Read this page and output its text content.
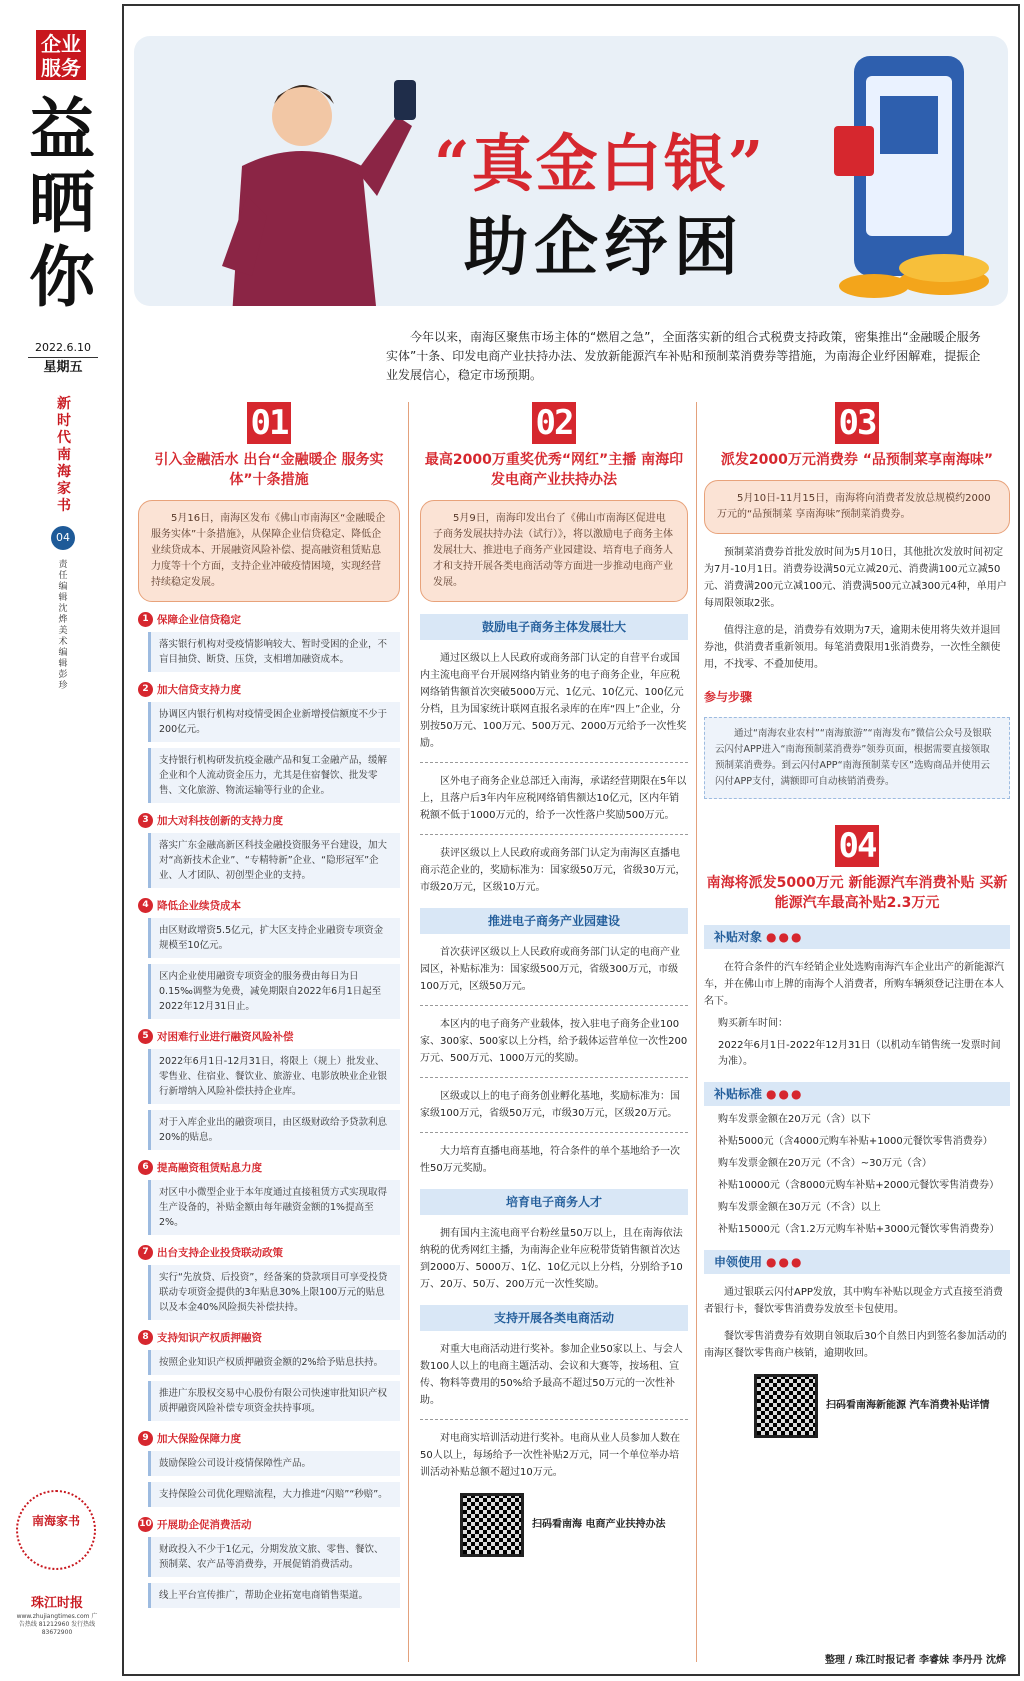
企业服务
益
晒
你
2022.6.10
星期五
新时代南海家书
04
责任编辑 沈烨 美术编辑 彭珍
南海家书
珠江时报
www.zhujiangtimes.com 广告热线 81212960 发行热线 83672900
“真金白银”
助企纾困
今年以来，南海区聚焦市场主体的“燃眉之急”，全面落实新的组合式税费支持政策，密集推出“金融暖企服务实体”十条、印发电商产业扶持办法、发放新能源汽车补贴和预制菜消费券等措施，为南海企业纾困解难，提振企业发展信心，稳定市场预期。
01
引入金融活水 出台“金融暖企 服务实体”十条措施
5月16日，南海区发布《佛山市南海区“金融暖企 服务实体”十条措施》，从保障企业信贷稳定、降低企业续贷成本、开展融资风险补偿、提高融资租赁贴息力度等十个方面，支持企业冲破疫情困境，实现经营持续稳定发展。
1 保障企业信贷稳定
落实银行机构对受疫情影响较大、暂时受困的企业，不盲目抽贷、断贷、压贷，支相增加融资成本。
2 加大信贷支持力度
协调区内银行机构对疫情受困企业新增授信额度不少于200亿元。
支持银行机构研发抗疫金融产品和复工金融产品，缓解企业和个人流动资金压力，尤其是住宿餐饮、批发零售、文化旅游、物流运输等行业的企业。
3 加大对科技创新的支持力度
落实广东金融高新区科技金融投资服务平台建设，加大对“高新技术企业”、“专精特新”企业、“隐形冠军”企业、人才团队、初创型企业的支持。
4 降低企业续贷成本
由区财政增资5.5亿元，扩大区支持企业融资专项资金规模至10亿元。
区内企业使用融资专项资金的服务费由每日为日0.15‰调整为免费，减免期限自2022年6月1日起至2022年12月31日止。
5 对困难行业进行融资风险补偿
2022年6月1日-12月31日，将限上（规上）批发业、零售业、住宿业、餐饮业、旅游业、电影放映业企业银行新增纳入风险补偿扶持企业库。
对于入库企业出的融资项目，由区级财政给予贷款利息20%的贴息。
6 提高融资租赁贴息力度
对区中小微型企业于本年度通过直接租赁方式实现取得生产设备的，补贴金额由每年融资金额的1%提高至2%。
7 出台支持企业投贷联动政策
实行“先放贷、后投资”，经备案的贷款项目可享受投贷联动专项资金提供的3年贴息30%上限100万元的贴息以及本金40%风险损失补偿扶持。
8 支持知识产权质押融资
按照企业知识产权质押融资金额的2%给予贴息扶持。
推进广东股权交易中心股份有限公司快速审批知识产权质押融资风险补偿专项资金扶持事项。
9 加大保险保障力度
鼓励保险公司设计疫情保障性产品。
支持保险公司优化理赔流程，大力推进“闪赔”“秒赔”。
10 开展助企促消费活动
财政投入不少于1亿元，分期发放文旅、零售、餐饮、预制菜、农产品等消费券，开展促销消费活动。
线上平台宣传推广，帮助企业拓宽电商销售渠道。
02
最高2000万重奖优秀“网红”主播 南海印发电商产业扶持办法
5月9日，南海印发出台了《佛山市南海区促进电子商务发展扶持办法（试行）》，将以激励电子商务主体发展壮大、推进电子商务产业园建设、培育电子商务人才和支持开展各类电商活动等方面进一步推动电商产业发展。
鼓励电子商务主体发展壮大
通过区级以上人民政府或商务部门认定的自营平台或国内主流电商平台开展网络内销业务的电子商务企业，年应税网络销售额首次突破5000万元、1亿元、10亿元、100亿元分档，且为国家统计联网直报名录库的在库“四上”企业，分别按50万元、100万元、500万元、2000万元给予一次性奖励。
区外电子商务企业总部迁入南海，承诺经营期限在5年以上，且落户后3年内年应税网络销售额达10亿元，区内年销税额不低于1000万元的，给予一次性落户奖励500万元。
获评区级以上人民政府或商务部门认定为南海区直播电商示范企业的，奖励标准为：国家级50万元，省级30万元，市级20万元，区级10万元。
推进电子商务产业园建设
首次获评区级以上人民政府或商务部门认定的电商产业园区，补贴标准为：国家级500万元，省级300万元，市级100万元，区级50万元。
本区内的电子商务产业载体，按入驻电子商务企业100家、300家、500家以上分档，给予载体运营单位一次性200万元、500万元、1000万元的奖励。
区级或以上的电子商务创业孵化基地，奖励标准为：国家级100万元，省级50万元，市级30万元，区级20万元。
大力培育直播电商基地，符合条件的单个基地给予一次性50万元奖励。
培育电子商务人才
拥有国内主流电商平台粉丝量50万以上，且在南海依法纳税的优秀网红主播，为南海企业年应税带货销售额首次达到2000万、5000万、1亿、10亿元以上分档，分别给予10万、20万、50万、200万元一次性奖励。
支持开展各类电商活动
对重大电商活动进行奖补。参加企业50家以上、与会人数100人以上的电商主题活动、会议和大赛等，按场租、宣传、物料等费用的50%给予最高不超过50万元的一次性补助。
对电商实培训活动进行奖补。电商从业人员参加人数在50人以上，每场给予一次性补贴2万元，同一个单位举办培训活动补贴总额不超过10万元。
扫码看南海 电商产业扶持办法
03
派发2000万元消费券 “品预制菜享南海味”
5月10日-11月15日，南海将向消费者发放总规模约2000万元的“品预制菜 享南海味”预制菜消费券。
预制菜消费券首批发放时间为5月10日，其他批次发放时间初定为7月-10月1日。消费券设满50元立减20元、消费满100元立减50元、消费满200元立减100元、消费满500元立减300元4种，单用户每周限领取2张。
值得注意的是，消费券有效期为7天，逾期未使用将失效并退回券池，供消费者重新领用。每笔消费限用1张消费券，一次性全额使用，不找零、不叠加使用。
参与步骤
通过“南海农业农村”“南海旅游”“南海发布”微信公众号及银联云闪付APP进入“南海预制菜消费券”领券页面，根据需要直接领取预制菜消费券。到云闪付APP“南海预制菜专区”选购商品并使用云闪付APP支付，满额即可自动核销消费券。
04
南海将派发5000万元 新能源汽车消费补贴 买新能源汽车最高补贴2.3万元
补贴对象 ●●●
在符合条件的汽车经销企业处选购南海汽车企业出产的新能源汽车，并在佛山市上牌的南海个人消费者，所购车辆须登记注册在本人名下。
购买新车时间：
2022年6月1日-2022年12月31日（以机动车销售统一发票时间为准）。
补贴标准 ●●●
购车发票金额在20万元（含）以下
补贴5000元（含4000元购车补贴+1000元餐饮零售消费券）
购车发票金额在20万元（不含）~30万元（含）
补贴10000元（含8000元购车补贴+2000元餐饮零售消费券）
购车发票金额在30万元（不含）以上
补贴15000元（含1.2万元购车补贴+3000元餐饮零售消费券）
申领使用 ●●●
通过银联云闪付APP发放，其中购车补贴以现金方式直接至消费者银行卡，餐饮零售消费券发放至卡包使用。
餐饮零售消费券有效期自领取后30个自然日内到签名参加活动的南海区餐饮零售商户核销，逾期收回。
扫码看南海新能源 汽车消费补贴详情
整理 / 珠江时报记者 李睿妹 李丹丹 沈烨
